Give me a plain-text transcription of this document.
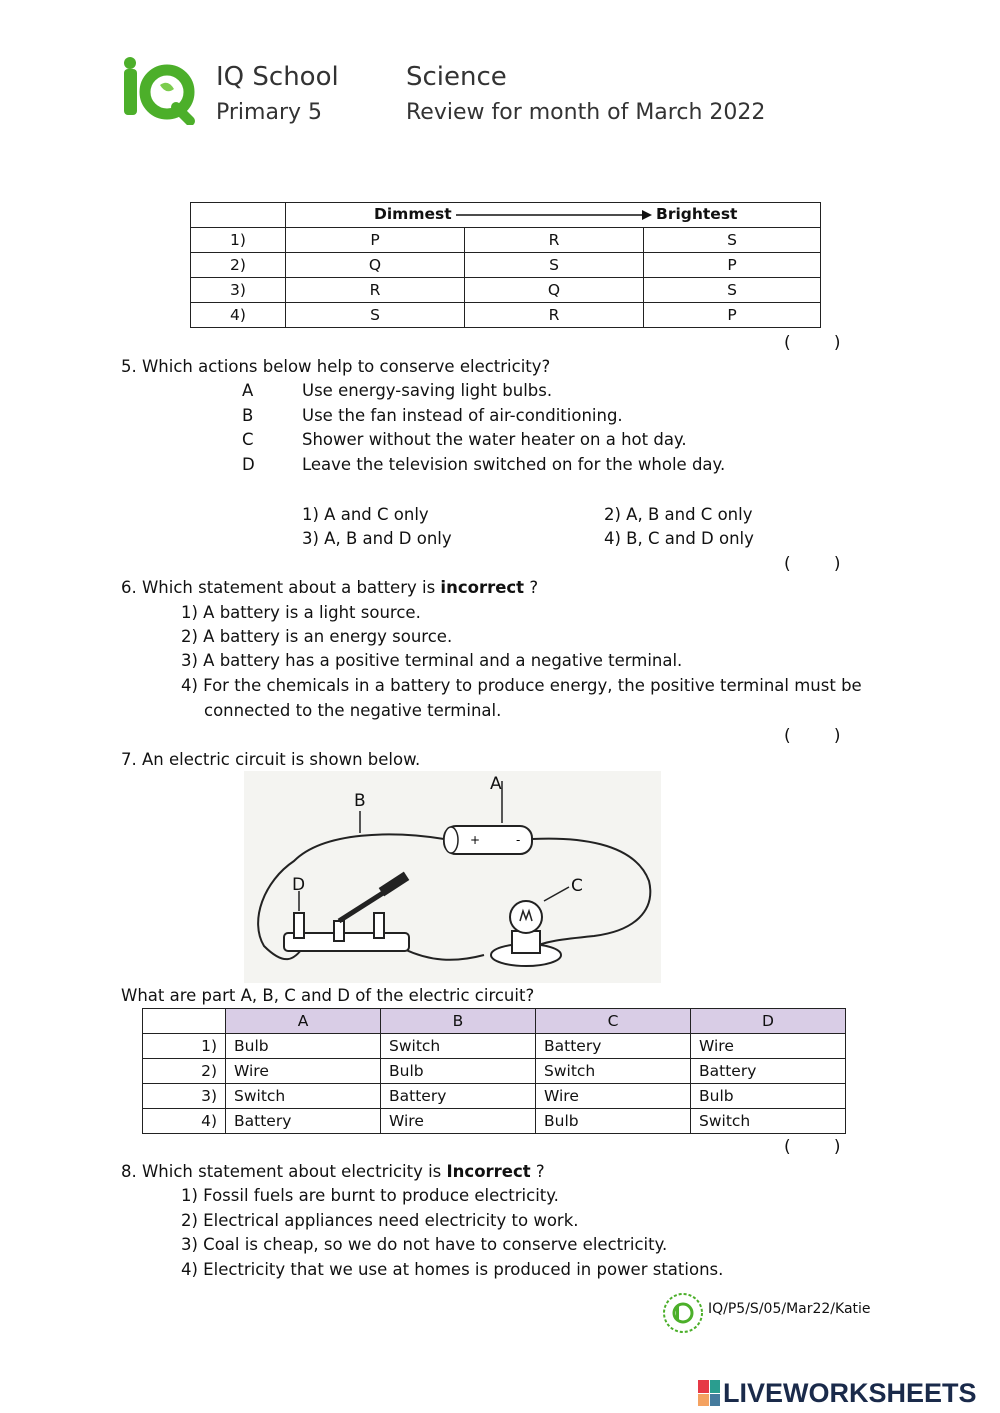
IQ School
Primary 5
Science
Review for month of March 2022

	Dimmest Brightest		

1)	P	R	S
2)	Q	S	P
3)	R	Q	S
4)	S	R	P
(        )
5. Which actions below help to conserve electricity?
A	Use energy-saving light bulbs.
B	Use the fan instead of air-conditioning.
C	Shower without the water heater on a hot day.
D	Leave the television switched on for the whole day.
1) A and C only	2) A, B and C only
3) A, B and D only	4) B, C and D only
(        )
6. Which statement about a battery is incorrect ?
1) A battery is a light source.
2) A battery is an energy source.
3) A battery has a positive terminal and a negative terminal.
4) For the chemicals in a battery to produce energy, the positive terminal must be
connected to the negative terminal.
(        )
7. An electric circuit is shown below.
+	-
A
B
C
D
What are part A, B, C and D of the electric circuit?
	A	B	C	D
1)	Bulb	Switch	Battery	Wire
2)	Wire	Bulb	Switch	Battery
3)	Switch	Battery	Wire	Bulb
4)	Battery	Wire	Bulb	Switch
(        )
8. Which statement about electricity is Incorrect ?
1) Fossil fuels are burnt to produce electricity.
2) Electrical appliances need electricity to work.
3) Coal is cheap, so we do not have to conserve electricity.
4) Electricity that we use at homes is produced in power stations.
IQ/P5/S/05/Mar22/Katie
LIVEWORKSHEETS
